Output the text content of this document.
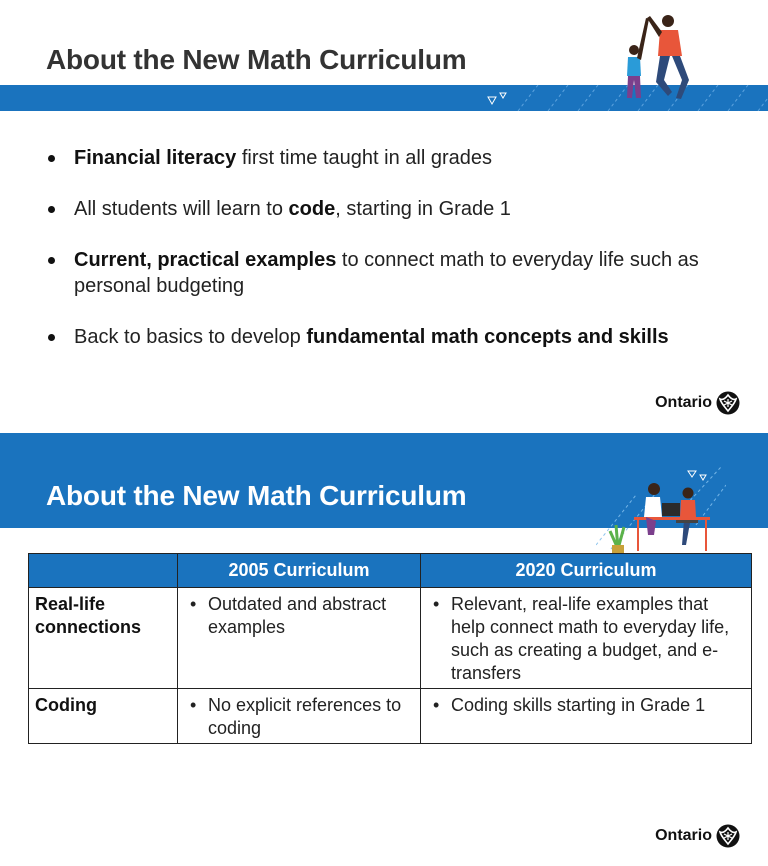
About the New Math Curriculum
Financial literacy first time taught in all grades
All students will learn to code, starting in Grade 1
Current, practical examples to connect math to everyday life such as personal budgeting
Back to basics to develop fundamental math concepts and skills
Ontario
About the New Math Curriculum
	2005 Curriculum	2020 Curriculum
Real-life connections	• Outdated and abstract examples	• Relevant, real-life examples that help connect math to everyday life, such as creating a budget, and e-transfers

Coding	• No explicit references to coding	• Coding skills starting in Grade 1
Ontario
